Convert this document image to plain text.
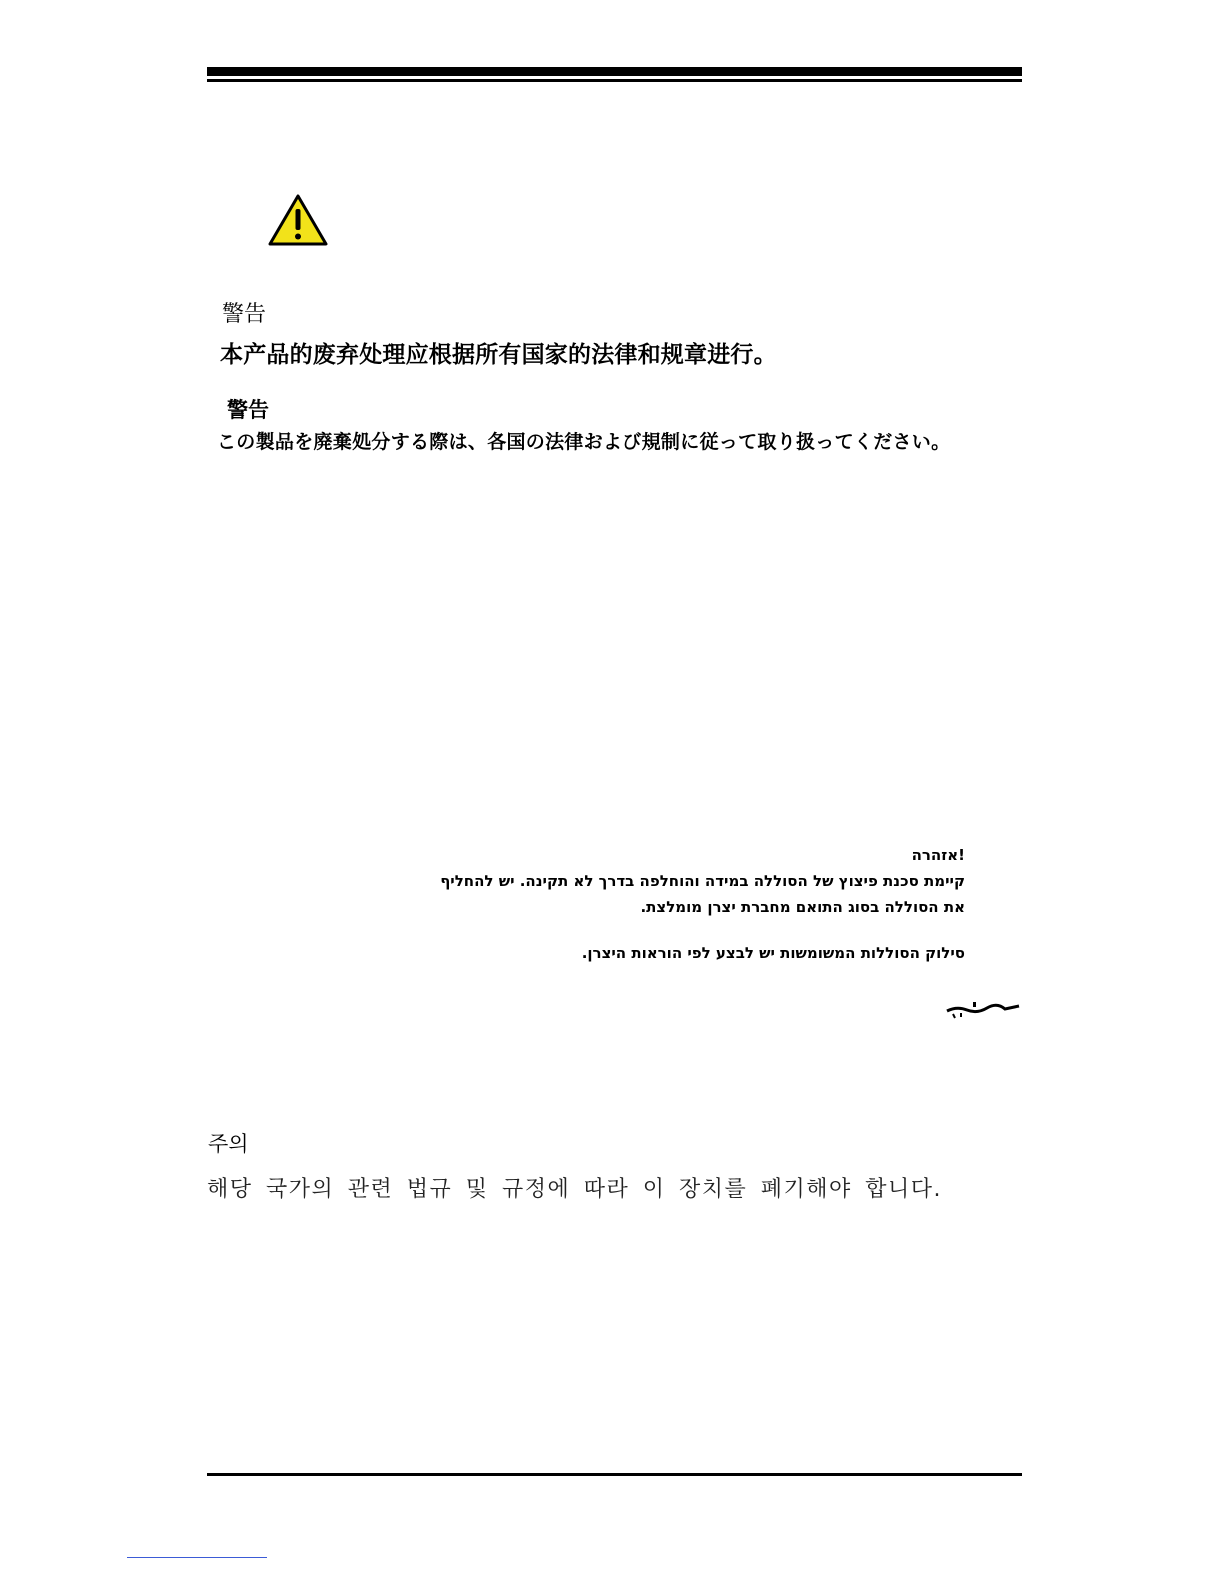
警告

本产品的废弃处理应根据所有国家的法律和规章进行。

警告

この製品を廃棄処分する際は、各国の法律および規制に従って取り扱ってください。

!אזהרה

קיימת סכנת פיצוץ של הסוללה במידה והוחלפה בדרך לא תקינה. יש להחליף

את הסוללה בסוג התואם מחברת יצרן מומלצת.

סילוק הסוללות המשומשות יש לבצע לפי הוראות היצרן.

주의

해당 국가의 관련 법규 및 규정에 따라 이 장치를 폐기해야 합니다.
